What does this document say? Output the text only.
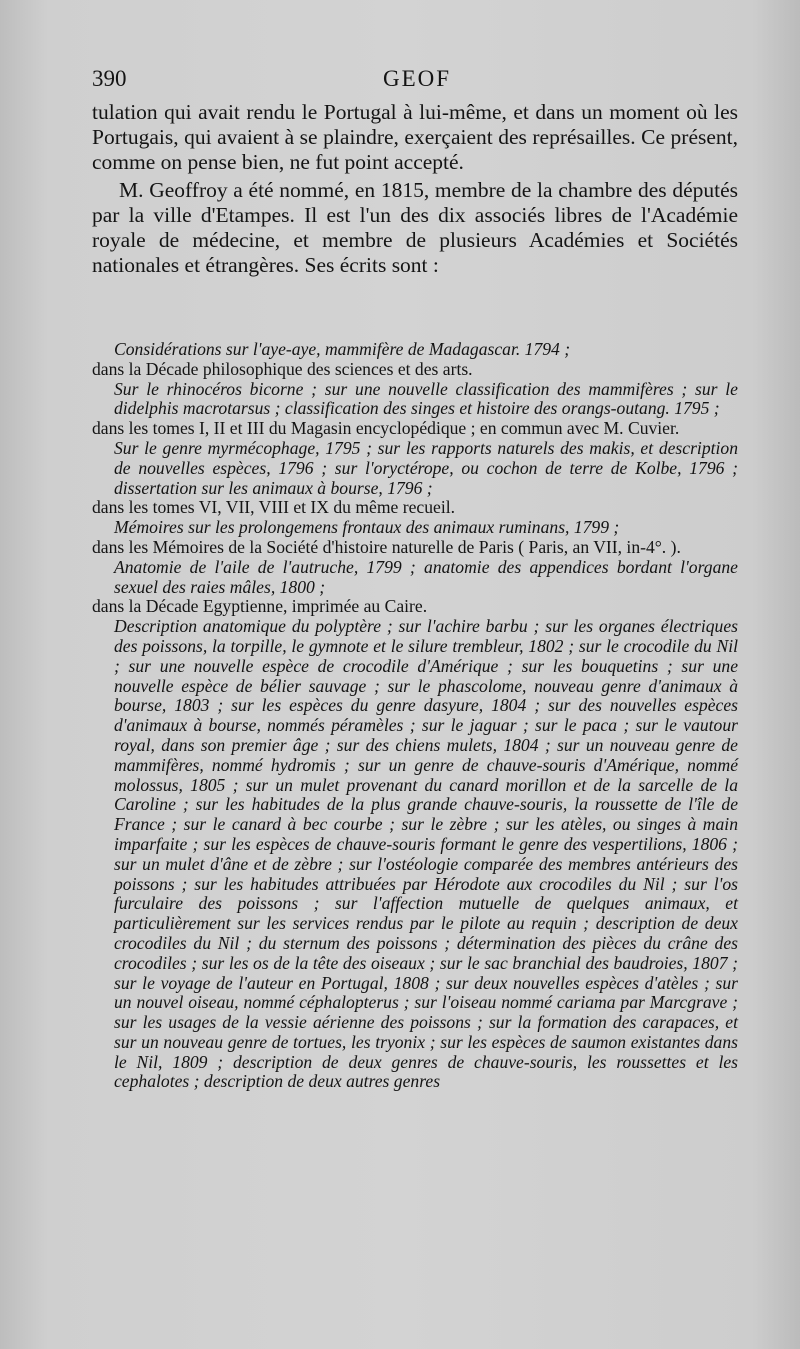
390	GEOF

tulation qui avait rendu le Portugal à lui-même, et dans un moment où les Portugais, qui avaient à se plaindre, exerçaient des représailles. Ce présent, comme on pense bien, ne fut point accepté.

M. Geoffroy a été nommé, en 1815, membre de la chambre des députés par la ville d'Etampes. Il est l'un des dix associés libres de l'Académie royale de médecine, et membre de plusieurs Académies et Sociétés nationales et étrangères. Ses écrits sont :

Considérations sur l'aye-aye, mammifère de Madagascar. 1794 ;
dans la Décade philosophique des sciences et des arts.

Sur le rhinocéros bicorne ; sur une nouvelle classification des mammifères ; sur le didelphis macrotarsus ; classification des singes et histoire des orangs-outang. 1795 ;
dans les tomes I, II et III du Magasin encyclopédique ; en commun avec M. Cuvier.

Sur le genre myrmécophage, 1795 ; sur les rapports naturels des makis, et description de nouvelles espèces, 1796 ; sur l'oryctérope, ou cochon de terre de Kolbe, 1796 ; dissertation sur les animaux à bourse, 1796 ;
dans les tomes VI, VII, VIII et IX du même recueil.

Mémoires sur les prolongemens frontaux des animaux ruminans, 1799 ;
dans les Mémoires de la Société d'histoire naturelle de Paris ( Paris, an VII, in-4°. ).

Anatomie de l'aile de l'autruche, 1799 ; anatomie des appendices bordant l'organe sexuel des raies mâles, 1800 ;
dans la Décade Egyptienne, imprimée au Caire.

Description anatomique du polyptère ; sur l'achire barbu ; sur les organes électriques des poissons, la torpille, le gymnote et le silure trembleur, 1802 ; sur le crocodile du Nil ; sur une nouvelle espèce de crocodile d'Amérique ; sur les bouquetins ; sur une nouvelle espèce de bélier sauvage ; sur le phascolome, nouveau genre d'animaux à bourse, 1803 ; sur les espèces du genre dasyure, 1804 ; sur des nouvelles espèces d'animaux à bourse, nommés péramèles ; sur le jaguar ; sur le paca ; sur le vautour royal, dans son premier âge ; sur des chiens mulets, 1804 ; sur un nouveau genre de mammifères, nommé hydromis ; sur un genre de chauve-souris d'Amérique, nommé molossus, 1805 ; sur un mulet provenant du canard morillon et de la sarcelle de la Caroline ; sur les habitudes de la plus grande chauve-souris, la roussette de l'île de France ; sur le canard à bec courbe ; sur le zèbre ; sur les atèles, ou singes à main imparfaite ; sur les espèces de chauve-souris formant le genre des vespertilions, 1806 ; sur un mulet d'âne et de zèbre ; sur l'ostéologie comparée des membres antérieurs des poissons ; sur les habitudes attribuées par Hérodote aux crocodiles du Nil ; sur l'os furculaire des poissons ; sur l'affection mutuelle de quelques animaux, et particulièrement sur les services rendus par le pilote au requin ; description de deux crocodiles du Nil ; du sternum des poissons ; détermination des pièces du crâne des crocodiles ; sur les os de la tête des oiseaux ; sur le sac branchial des baudroies, 1807 ; sur le voyage de l'auteur en Portugal, 1808 ; sur deux nouvelles espèces d'atèles ; sur un nouvel oiseau, nommé céphalopterus ; sur l'oiseau nommé cariama par Marcgrave ; sur les usages de la vessie aérienne des poissons ; sur la formation des carapaces, et sur un nouveau genre de tortues, les tryonix ; sur les espèces de saumon existantes dans le Nil, 1809 ; description de deux genres de chauve-souris, les roussettes et les cephalotes ; description de deux autres genres
